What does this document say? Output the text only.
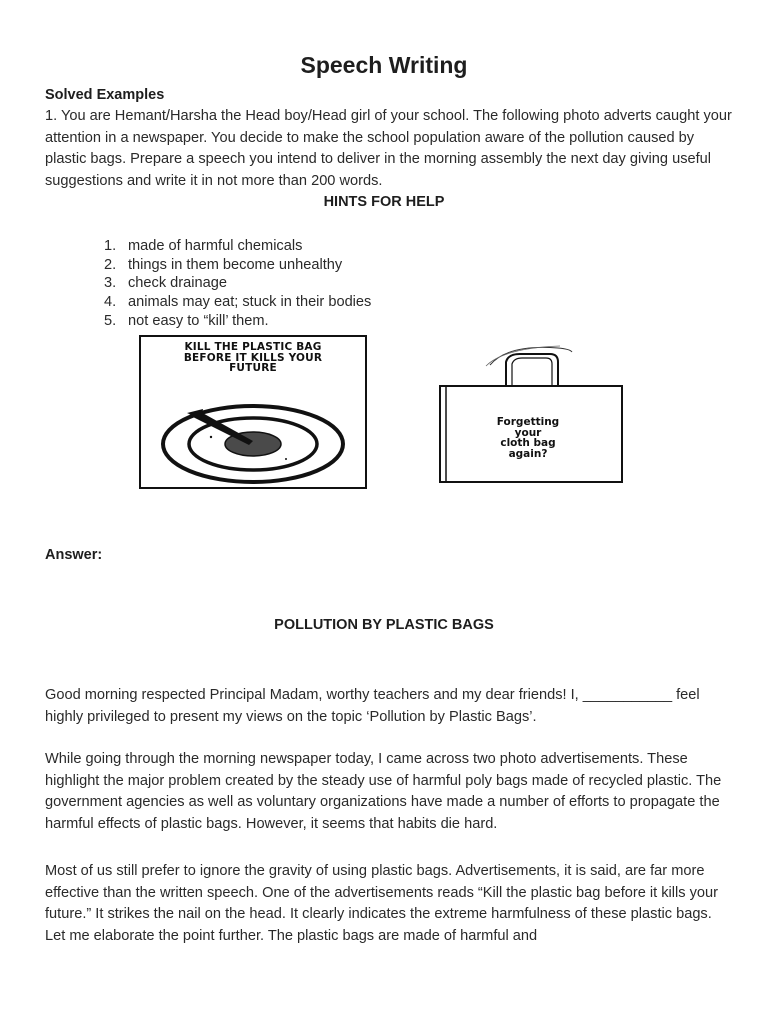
Speech Writing
Solved Examples

1. You are Hemant/Harsha the Head boy/Head girl of your school. The following photo adverts caught your attention in a newspaper. You decide to make the school population aware of the pollution caused by plastic bags. Prepare a speech you intend to deliver in the morning assembly the next day giving useful suggestions and write it in not more than 200 words.

HINTS FOR HELP
1. made of harmful chemicals
2. things in them become unhealthy
3. check drainage
4. animals may eat; stuck in their bodies
5. not easy to “kill’ them.
KILL THE PLASTIC BAG
BEFORE IT KILLS YOUR
FUTURE
Forgetting
your
cloth bag
again?
Answer:
POLLUTION BY PLASTIC BAGS

Good morning respected Principal Madam, worthy teachers and my dear friends! I, ___________ feel highly privileged to present my views on the topic ‘Pollution by Plastic Bags’.

While going through the morning newspaper today, I came across two photo advertisements. These highlight the major problem created by the steady use of harmful poly bags made of recycled plastic. The government agencies as well as voluntary organizations have made a number of efforts to propagate the harmful effects of plastic bags. However, it seems that habits die hard.

Most of us still prefer to ignore the gravity of using plastic bags. Advertisements, it is said, are far more effective than the written speech. One of the advertisements reads “Kill the plastic bag before it kills your future.” It strikes the nail on the head. It clearly indicates the extreme harmfulness of these plastic bags. Let me elaborate the point further. The plastic bags are made of harmful and
